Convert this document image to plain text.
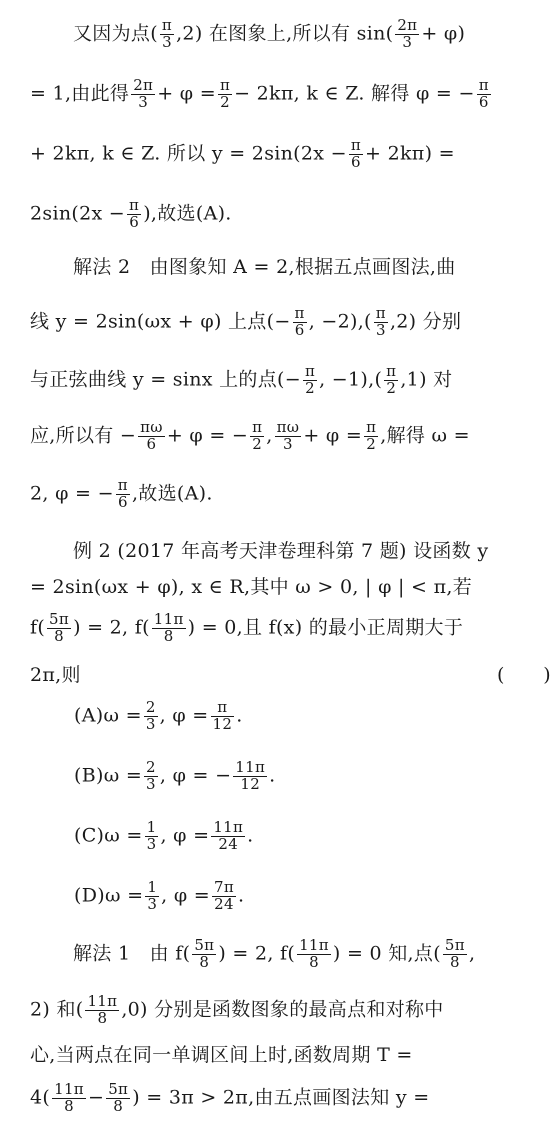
又因为点( $\frac{\pi}{3} ,2$) 在图象上,所以有 $\sin( \frac{2\pi}{3} + \varphi)$
= 1,由此得 $\frac{2\pi}{3} + \varphi = \frac{\pi}{2} - 2k\pi$, k ∈ Z. 解得 φ = − $\frac{\pi}{6}$
+ 2kπ, k ∈ Z. 所以 $y = 2\sin(2x - \frac{\pi}{6} + 2k\pi)$ =
$2\sin(2x - \frac{\pi}{6}$ ),故选(A).
解法 2　由图象知 A = 2,根据五点画图法,曲
线 y = 2sin(ωx + φ) 上点(− $\frac{\pi}{6}$ , $-2),( \frac{\pi}{3} ,2)$ 分别
与正弦曲线 y = sinx 上的点(− $\frac{\pi}{2}$ , $-1),( \frac{\pi}{2} ,1)$ 对
应,所以有 − $\frac{\pi\omega}{6} + \varphi$ = − $\frac{\pi}{2}$ , $\frac{\pi\omega}{3} + \varphi = \frac{\pi}{2}$ ,解得 ω =
2, φ = − $\frac{\pi}{6}$ ,故选(A).
例 2 (2017 年高考天津卷理科第 7 题) 设函数 y
= 2sin(ωx + φ), x ∈ R,其中 ω > 0, | φ | < π,若
$f( \frac{5\pi}{8}$ ) = 2, $f( \frac{11\pi}{8}$ ) = 0,且 f(x) 的最小正周期大于
2π,则	(　　)
$(A)\omega = \frac{2}{3}$ , $\varphi = \frac{\pi}{12}$ .
$(B)\omega = \frac{2}{3}$ , φ = − $\frac{11\pi}{12}$ .
$(C)\omega = \frac{1}{3}$ , $\varphi = \frac{11\pi}{24}$ .
$(D)\omega = \frac{1}{3}$ , $\varphi = \frac{7\pi}{24}$ .
解法 1　由 $f( \frac{5\pi}{8}$ ) = 2, $f( \frac{11\pi}{8}$ ) = 0 知,点( $\frac{5\pi}{8}$ ,
2) 和( $\frac{11\pi}{8} ,0$) 分别是函数图象的最高点和对称中
心,当两点在同一单调区间上时,函数周期 T =
$4( \frac{11\pi}{8} - \frac{5\pi}{8}$ ) = 3π > 2π,由五点画图法知 y =
